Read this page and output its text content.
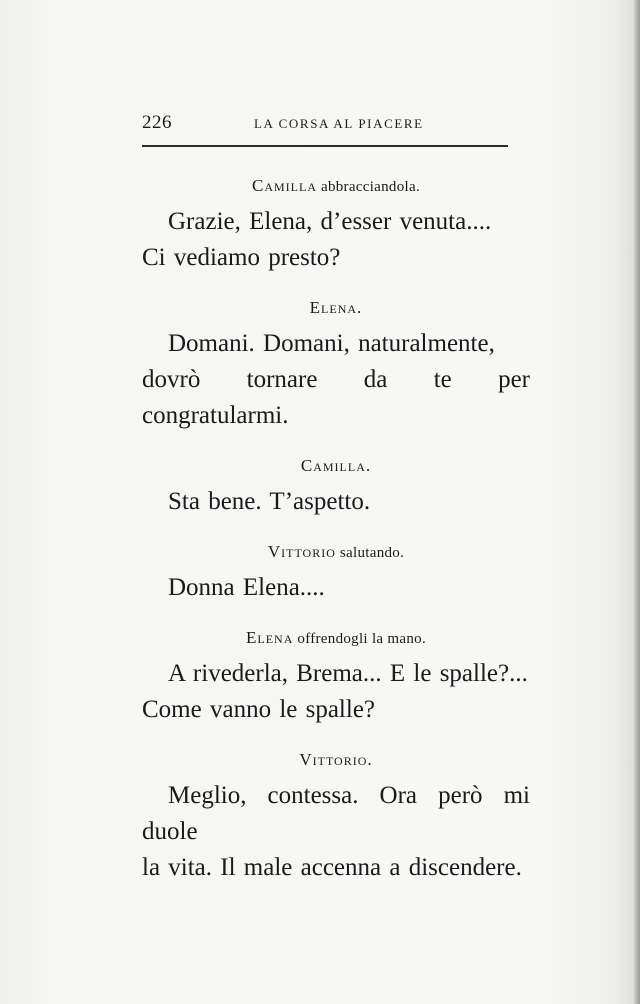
226	LA CORSA AL PIACERE

Camilla abbracciandola.

Grazie, Elena, d’esser venuta....
Ci vediamo presto?

Elena.

Domani. Domani, naturalmente,
dovrò tornare da te per congratularmi.

Camilla.

Sta bene. T’aspetto.

Vittorio salutando.

Donna Elena....

Elena offrendogli la mano.

A rivederla, Brema... E le spalle?...
Come vanno le spalle?

Vittorio.

Meglio, contessa. Ora però mi duole
la vita. Il male accenna a discendere.
